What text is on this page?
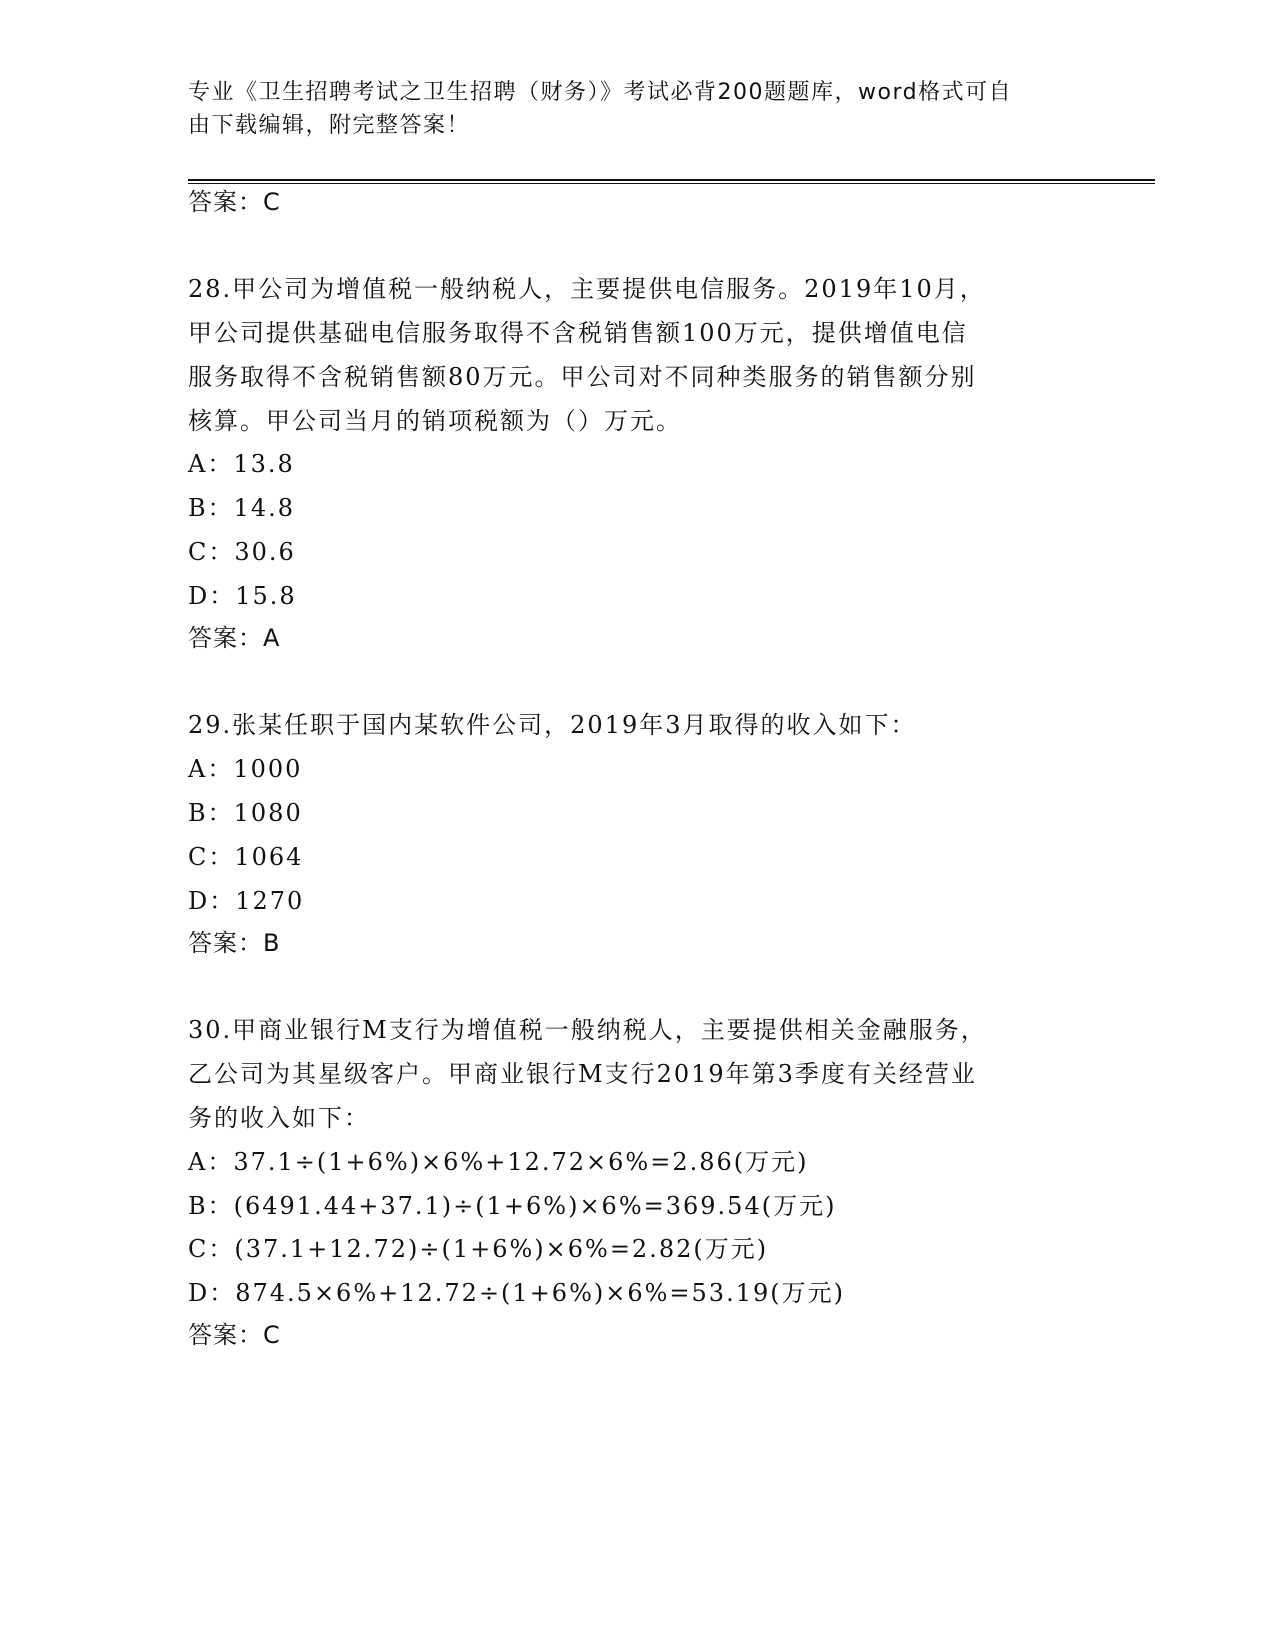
专业《卫生招聘考试之卫生招聘（财务）》考试必背200题题库，word格式可自
由下载编辑，附完整答案！
答案：C
28.甲公司为增值税一般纳税人，主要提供电信服务。2019年10月，
甲公司提供基础电信服务取得不含税销售额100万元，提供增值电信
服务取得不含税销售额80万元。甲公司对不同种类服务的销售额分别
核算。甲公司当月的销项税额为（）万元。
A：13.8
B：14.8
C：30.6
D：15.8
答案：A
29.张某任职于国内某软件公司，2019年3月取得的收入如下：
A：1000
B：1080
C：1064
D：1270
答案：B
30.甲商业银行M支行为增值税一般纳税人，主要提供相关金融服务，
乙公司为其星级客户。甲商业银行M支行2019年第3季度有关经营业
务的收入如下：
A：37.1÷(1+6%)×6%+12.72×6%=2.86(万元)
B：(6491.44+37.1)÷(1+6%)×6%=369.54(万元)
C：(37.1+12.72)÷(1+6%)×6%=2.82(万元)
D：874.5×6%+12.72÷(1+6%)×6%=53.19(万元)
答案：C
